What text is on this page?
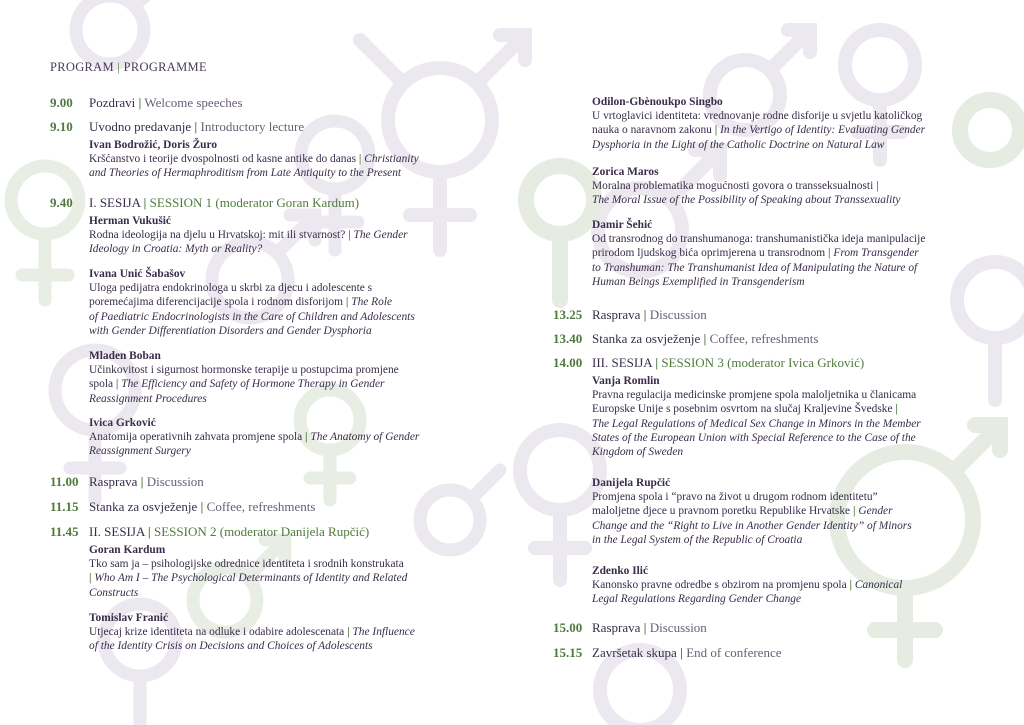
PROGRAM | PROGRAMME
9.00 Pozdravi | Welcome speeches
9.10 Uvodno predavanje | Introductory lecture
Ivan Bodrožić, Doris Žuro
Kršćanstvo i teorije dvospolnosti od kasne antike do danas | Christianity
and Theories of Hermaphroditism from Late Antiquity to the Present
9.40 I. SESIJA | SESSION 1 (moderator Goran Kardum)
Herman Vukušić
Rodna ideologija na djelu u Hrvatskoj: mit ili stvarnost? | The Gender
Ideology in Croatia: Myth or Reality?
Ivana Unić Šabašov
Uloga pedijatra endokrinologa u skrbi za djecu i adolescente s
poremećajima diferencijacije spola i rodnom disforijom | The Role
of Paediatric Endocrinologists in the Care of Children and Adolescents
with Gender Differentiation Disorders and Gender Dysphoria
Mladen Boban
Učinkovitost i sigurnost hormonske terapije u postupcima promjene
spola | The Efficiency and Safety of Hormone Therapy in Gender
Reassignment Procedures
Ivica Grković
Anatomija operativnih zahvata promjene spola | The Anatomy of Gender
Reassignment Surgery
11.00 Rasprava | Discussion
11.15 Stanka za osvježenje | Coffee, refreshments
11.45 II. SESIJA | SESSION 2 (moderator Danijela Rupčić)
Goran Kardum
Tko sam ja – psihologijske odrednice identiteta i srodnih konstrukata
| Who Am I – The Psychological Determinants of Identity and Related
Constructs
Tomislav Franić
Utjecaj krize identiteta na odluke i odabire adolescenata | The Influence
of the Identity Crisis on Decisions and Choices of Adolescents
Odilon-Gbènoukpo Singbo
U vrtoglavici identiteta: vrednovanje rodne disforije u svjetlu katoličkog
nauka o naravnom zakonu | In the Vertigo of Identity: Evaluating Gender
Dysphoria in the Light of the Catholic Doctrine on Natural Law
Zorica Maros
Moralna problematika mogućnosti govora o transseksualnosti |
The Moral Issue of the Possibility of Speaking about Transsexuality
Damir Šehić
Od transrodnog do transhumanoga: transhumanistička ideja manipulacije
prirodom ljudskog bića oprimjerena u transrodnom | From Transgender
to Transhuman: The Transhumanist Idea of Manipulating the Nature of
Human Beings Exemplified in Transgenderism
13.25 Rasprava | Discussion
13.40 Stanka za osvježenje | Coffee, refreshments
14.00 III. SESIJA | SESSION 3 (moderator Ivica Grković)
Vanja Romlin
Pravna regulacija medicinske promjene spola maloljetnika u članicama
Europske Unije s posebnim osvrtom na slučaj Kraljevine Švedske |
The Legal Regulations of Medical Sex Change in Minors in the Member
States of the European Union with Special Reference to the Case of the
Kingdom of Sweden
Danijela Rupčić
Promjena spola i “pravo na život u drugom rodnom identitetu”
maloljetne djece u pravnom poretku Republike Hrvatske | Gender
Change and the “Right to Live in Another Gender Identity” of Minors
in the Legal System of the Republic of Croatia
Zdenko Ilić
Kanonsko pravne odredbe s obzirom na promjenu spola | Canonical
Legal Regulations Regarding Gender Change
15.00 Rasprava | Discussion
15.15 Završetak skupa | End of conference
